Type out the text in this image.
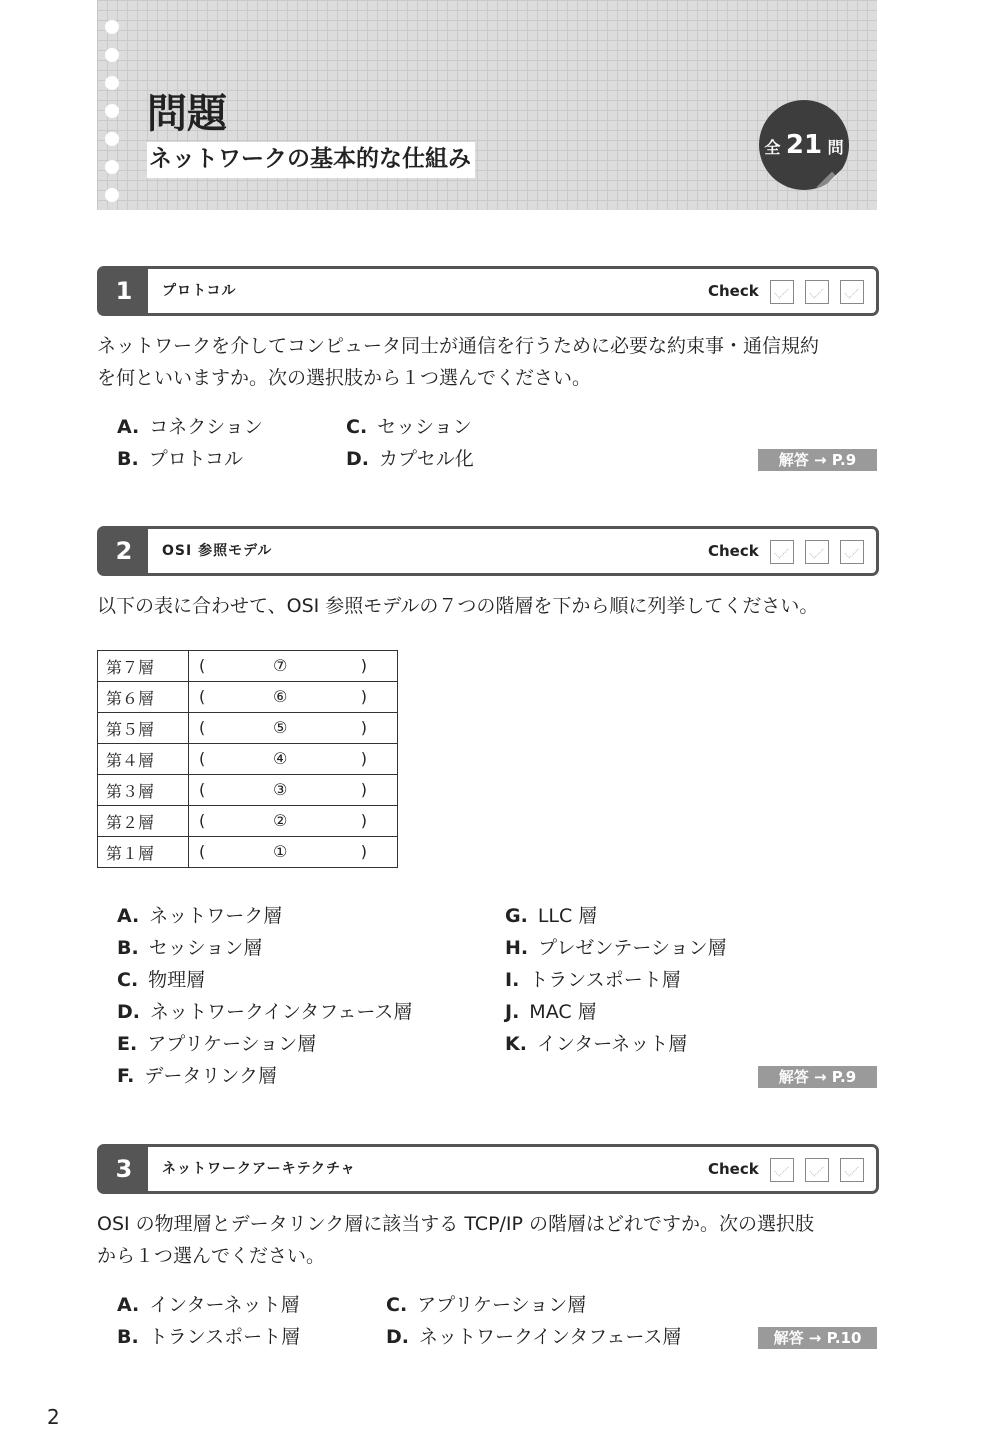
問題
ネットワークの基本的な仕組み	全 21 問
1	プロトコル	Check

ネットワークを介してコンピュータ同士が通信を行うために必要な約束事・通信規約
を何といいますか。次の選択肢から１つ選んでください。

A. コネクション
B. プロトコル
C. セッション
D. カプセル化	解答 → P.9
2	OSI 参照モデル	Check

以下の表に合わせて、OSI 参照モデルの７つの階層を下から順に列挙してください。

第７層	( ⑦ )

第６層	( ⑥ )

第５層	( ⑤ )

第４層	( ④ )

第３層	( ③ )

第２層	( ② )

第１層	( ① )
A. ネットワーク層
B. セッション層
C. 物理層
D. ネットワークインタフェース層
E. アプリケーション層
F. データリンク層
G. LLC 層
H. プレゼンテーション層
I. トランスポート層
J. MAC 層
K. インターネット層
解答 → P.9
3	ネットワークアーキテクチャ	Check

OSI の物理層とデータリンク層に該当する TCP/IP の階層はどれですか。次の選択肢
から１つ選んでください。

A. インターネット層
B. トランスポート層
C. アプリケーション層
D. ネットワークインタフェース層	解答 → P.10
2
